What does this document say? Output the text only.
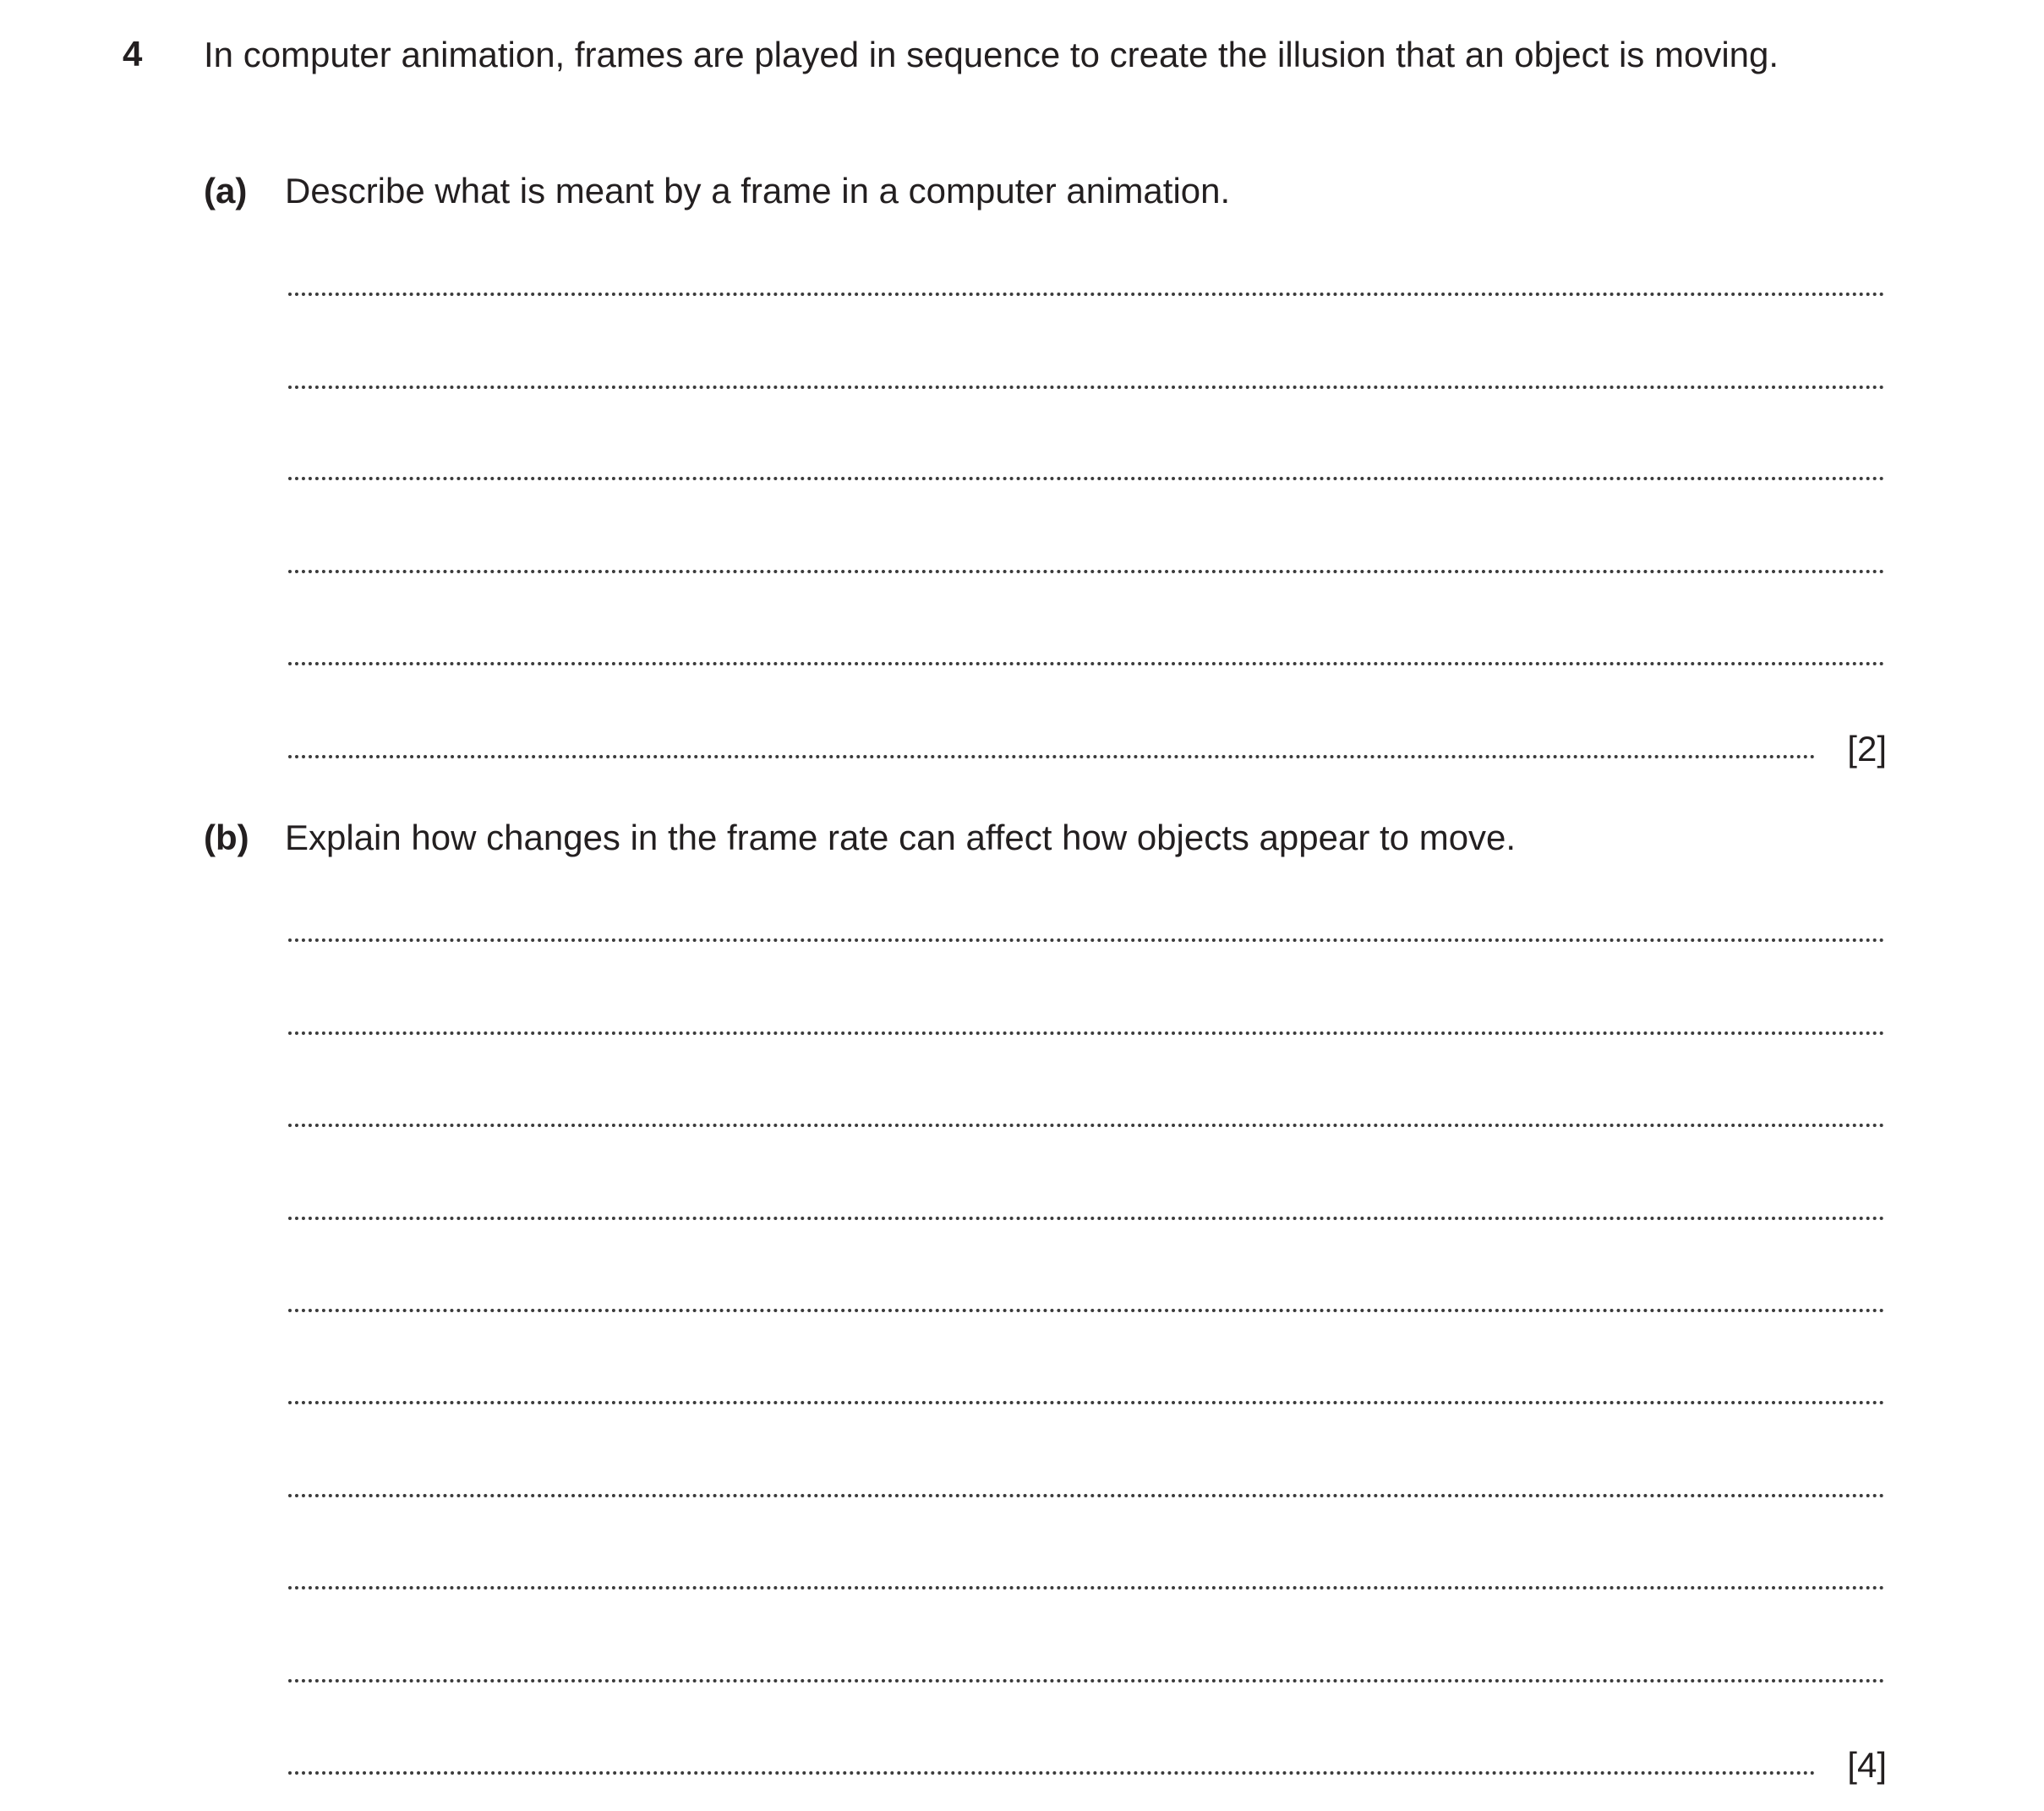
4 In computer animation, frames are played in sequence to create the illusion that an object is moving.
(a) Describe what is meant by a frame in a computer animation.
[2]
(b) Explain how changes in the frame rate can affect how objects appear to move.
[4]
